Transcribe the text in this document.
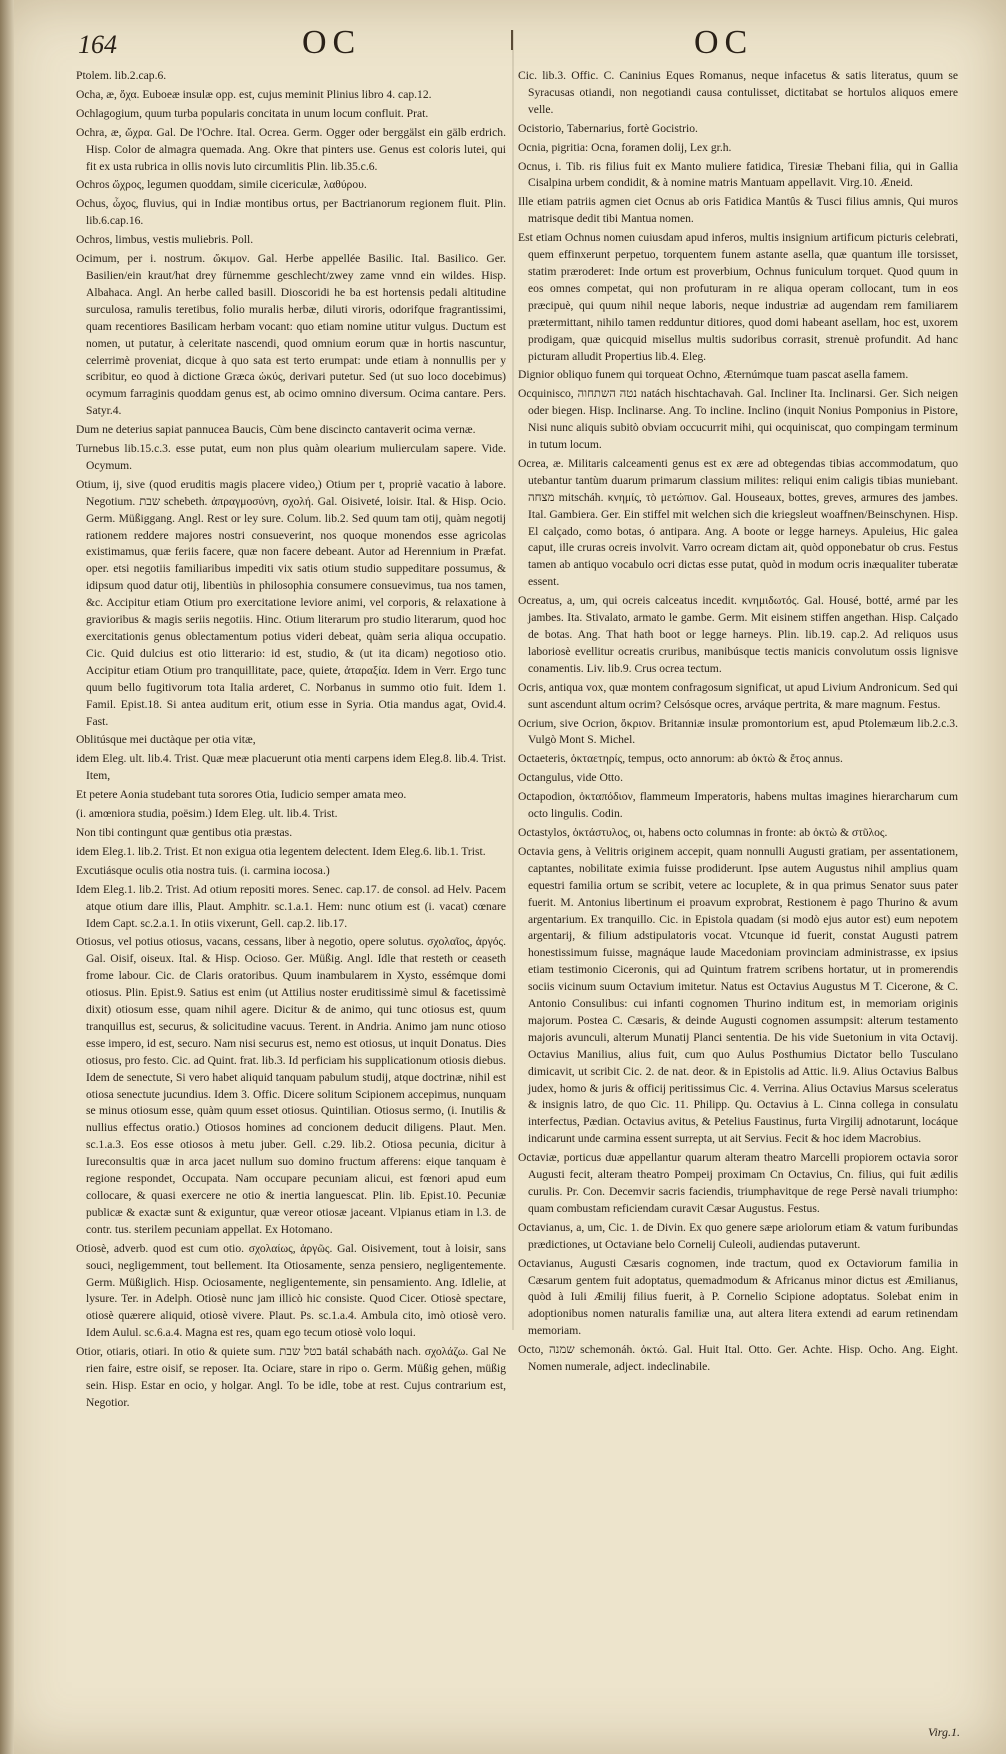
164	OC	OC

Ptolem. lib.2.cap.6.

Ocha, æ, ὄχα. Euboeæ insulæ opp. est, cujus meminit Plinius libro 4. cap.12.

Ochlagogium, quum turba popularis concitata in unum locum confluit. Prat.

Ochra, æ, ὤχρα. Gal. De l'Ochre. Ital. Ocrea. Germ. Ogger oder berggälst ein gälb erdrich. Hisp. Color de almagra quemada. Ang. Okre that pinters use. Genus est coloris lutei, qui fit ex usta rubrica in ollis novis luto circumlitis Plin. lib.35.c.6.

Ochros ὤχρος, legumen quoddam, simile cicericulæ, λαθύρου.

Ochus, ὦχος, fluvius, qui in Indiæ montibus ortus, per Bactrianorum regionem fluit. Plin. lib.6.cap.16.

Ochros, limbus, vestis muliebris. Poll.

Ocimum, per i. nostrum. ὤκιμον. Gal. Herbe appellée Basilic. Ital. Basilico. Ger. Basilien/ein kraut/hat drey fürnemme geschlecht/zwey zame vnnd ein wildes. Hisp. Albahaca. Angl. An herbe called basill. Dioscoridi he ba est hortensis pedali altitudine surculosa, ramulis teretibus, folio muralis herbæ, diluti viroris, odorifque fragrantissimi, quam recentiores Basilicam herbam vocant: quo etiam nomine utitur vulgus. Ductum est nomen, ut putatur, à celeritate nascendi, quod omnium eorum quæ in hortis nascuntur, celerrimè proveniat, dicque à quo sata est terto erumpat: unde etiam à nonnullis per y scribitur, eo quod à dictione Græca ὠκύς, derivari putetur. Sed (ut suo loco docebimus) ocymum farraginis quoddam genus est, ab ocimo omnino diversum. Ocima cantare. Pers. Satyr.4.

Dum ne deterius sapiat pannucea Baucis, Cùm bene discincto cantaverit ocima vernæ.

Turnebus lib.15.c.3. esse putat, eum non plus quàm olearium mulierculam sapere. Vide. Ocymum.

Otium, ij, sive (quod eruditis magis placere video,) Otium per t, propriè vacatio à labore. Negotium. שבת schebeth. ἀπραγμοσύνη, σχολή. Gal. Oisiveté, loisir. Ital. & Hisp. Ocio. Germ. Müßiggang. Angl. Rest or ley sure. Colum. lib.2. Sed quum tam otij, quàm negotij rationem reddere majores nostri consueverint, nos quoque monendos esse agricolas existimamus, quæ feriis facere, quæ non facere debeant. Autor ad Herennium in Præfat. oper. etsi negotiis familiaribus impediti vix satis otium studio suppeditare possumus, & idipsum quod datur otij, libentiùs in philosophia consumere consuevimus, tua nos tamen, &c. Accipitur etiam Otium pro exercitatione leviore animi, vel corporis, & relaxatione à gravioribus & magis seriis negotiis. Hinc. Otium literarum pro studio literarum, quod hoc exercitationis genus oblectamentum potius videri debeat, quàm seria aliqua occupatio. Cic. Quid dulcius est otio litterario: id est, studio, & (ut ita dicam) negotioso otio. Accipitur etiam Otium pro tranquillitate, pace, quiete, ἀταραξία. Idem in Verr. Ergo tunc quum bello fugitivorum tota Italia arderet, C. Norbanus in summo otio fuit. Idem 1. Famil. Epist.18. Si antea auditum erit, otium esse in Syria. Otia mandus agat, Ovid.4. Fast.

Oblitúsque mei ductàque per otia vitæ,

idem Eleg. ult. lib.4. Trist. Quæ meæ placuerunt otia menti carpens idem Eleg.8. lib.4. Trist. Item,

Et petere Aonia studebant tuta sorores Otia, Iudicio semper amata meo.

(i. amœniora studia, poësim.) Idem Eleg. ult. lib.4. Trist.

Non tibi contingunt quæ gentibus otia præstas.

idem Eleg.1. lib.2. Trist. Et non exigua otia legentem delectent. Idem Eleg.6. lib.1. Trist.

Excutiásque oculis otia nostra tuis. (i. carmina iocosa.)

Idem Eleg.1. lib.2. Trist. Ad otium repositi mores. Senec. cap.17. de consol. ad Helv. Pacem atque otium dare illis, Plaut. Amphitr. sc.1.a.1. Hem: nunc otium est (i. vacat) cœnare Idem Capt. sc.2.a.1. In otiis vixerunt, Gell. cap.2. lib.17.

Otiosus, vel potius otiosus, vacans, cessans, liber à negotio, opere solutus. σχολαῖος, ἀργός. Gal. Oisif, oiseux. Ital. & Hisp. Ocioso. Ger. Müßig. Angl. Idle that resteth or ceaseth frome labour. Cic. de Claris oratoribus. Quum inambularem in Xysto, essémque domi otiosus. Plin. Epist.9. Satius est enim (ut Attilius noster eruditissimè simul & facetissimè dixit) otiosum esse, quam nihil agere. Dicitur & de animo, qui tunc otiosus est, quum tranquillus est, securus, & solicitudine vacuus. Terent. in Andria. Animo jam nunc otioso esse impero, id est, securo. Nam nisi securus est, nemo est otiosus, ut inquit Donatus. Dies otiosus, pro festo. Cic. ad Quint. frat. lib.3. Id perficiam his supplicationum otiosis diebus. Idem de senectute, Si vero habet aliquid tanquam pabulum studij, atque doctrinæ, nihil est otiosa senectute jucundius. Idem 3. Offic. Dicere solitum Scipionem accepimus, nunquam se minus otiosum esse, quàm quum esset otiosus. Quintilian. Otiosus sermo, (i. Inutilis & nullius effectus oratio.) Otiosos homines ad concionem deducit diligens. Plaut. Men. sc.1.a.3. Eos esse otiosos à metu juber. Gell. c.29. lib.2. Otiosa pecunia, dicitur à Iureconsultis quæ in arca jacet nullum suo domino fructum afferens: eique tanquam è regione respondet, Occupata. Nam occupare pecuniam alicui, est fœnori apud eum collocare, & quasi exercere ne otio & inertia languescat. Plin. lib. Epist.10. Pecuniæ publicæ & exactæ sunt & exiguntur, quæ vereor otiosæ jaceant. Vlpianus etiam in l.3. de contr. tus. sterilem pecuniam appellat. Ex Hotomano.

Otiosè, adverb. quod est cum otio. σχολαίως, ἀργῶς. Gal. Oisivement, tout à loisir, sans souci, negligemment, tout bellement. Ita Otiosamente, senza pensiero, negligentemente. Germ. Müßiglich. Hisp. Ociosamente, negligentemente, sin pensamiento. Ang. Idlelie, at lysure. Ter. in Adelph. Otiosè nunc jam illicò hic consiste. Quod Cicer. Otiosè spectare, otiosè quærere aliquid, otiosè vivere. Plaut. Ps. sc.1.a.4. Ambula cito, imò otiosè vero. Idem Aulul. sc.6.a.4. Magna est res, quam ego tecum otiosè volo loqui.

Otior, otiaris, otiari. In otio & quiete sum. בטל שבת batál schabáth nach. σχολάζω. Gal Ne rien faire, estre oisif, se reposer. Ita. Ociare, stare in ripo o. Germ. Müßig gehen, müßig sein. Hisp. Estar en ocio, y holgar. Angl. To be idle, tobe at rest. Cujus contrarium est, Negotior.

Cic. lib.3. Offic. C. Caninius Eques Romanus, neque infacetus & satis literatus, quum se Syracusas otiandi, non negotiandi causa contulisset, dictitabat se hortulos aliquos emere velle.

Ocistorio, Tabernarius, fortè Gocistrio.

Ocnia, pigritia: Ocna, foramen dolij, Lex gr.h.

Ocnus, i. Tib. ris filius fuit ex Manto muliere fatidica, Tiresiæ Thebani filia, qui in Gallia Cisalpina urbem condidit, & à nomine matris Mantuam appellavit. Virg.10. Æneid.

Ille etiam patriis agmen ciet Ocnus ab oris Fatidica Mantûs & Tusci filius amnis, Qui muros matrisque dedit tibi Mantua nomen.

Est etiam Ochnus nomen cuiusdam apud inferos, multis insignium artificum picturis celebrati, quem effinxerunt perpetuo, torquentem funem astante asella, quæ quantum ille torsisset, statim præroderet: Inde ortum est proverbium, Ochnus funiculum torquet. Quod quum in eos omnes competat, qui non profuturam in re aliqua operam collocant, tum in eos præcipuè, qui quum nihil neque laboris, neque industriæ ad augendam rem familiarem prætermittant, nihilo tamen redduntur ditiores, quod domi habeant asellam, hoc est, uxorem prodigam, quæ quicquid misellus multis sudoribus corrasit, strenuè profundit. Ad hanc picturam alludit Propertius lib.4. Eleg.

Dignior obliquo funem qui torqueat Ochno, Æternúmque tuam pascat asella famem.

Ocquinisco, נטה השתחוה natách hischtachavah. Gal. Incliner Ita. Inclinarsi. Ger. Sich neigen oder biegen. Hisp. Inclinarse. Ang. To incline. Inclino (inquit Nonius Pomponius in Pistore, Nisi nunc aliquis subitò obviam occucurrit mihi, qui ocquiniscat, quo compingam terminum in tutum locum.

Ocrea, æ. Militaris calceamenti genus est ex ære ad obtegendas tibias accommodatum, quo utebantur tantùm duarum primarum classium milites: reliqui enim caligis tibias muniebant. מצחה mitscháh. κνημίς, τὸ μετώπιον. Gal. Houseaux, bottes, greves, armures des jambes. Ital. Gambiera. Ger. Ein stiffel mit welchen sich die kriegsleut woaffnen/Beinschynen. Hisp. El calçado, como botas, ó antipara. Ang. A boote or legge harneys. Apuleius, Hic galea caput, ille cruras ocreis involvit. Varro ocream dictam ait, quòd opponebatur ob crus. Festus tamen ab antiquo vocabulo ocri dictas esse putat, quòd in modum ocris inæqualiter tuberatæ essent.

Ocreatus, a, um, qui ocreis calceatus incedit. κνημιδωτός. Gal. Housé, botté, armé par les jambes. Ita. Stivalato, armato le gambe. Germ. Mit eisinem stiffen angethan. Hisp. Calçado de botas. Ang. That hath boot or legge harneys. Plin. lib.19. cap.2. Ad reliquos usus laboriosè evellitur ocreatis cruribus, manibúsque tectis manicis convolutum ossis lignisve conamentis. Liv. lib.9. Crus ocrea tectum.

Ocris, antiqua vox, quæ montem confragosum significat, ut apud Livium Andronicum. Sed qui sunt ascendunt altum ocrim? Celsósque ocres, arváque pertrita, & mare magnum. Festus.

Ocrium, sive Ocrion, ὄκριον. Britanniæ insulæ promontorium est, apud Ptolemæum lib.2.c.3. Vulgò Mont S. Michel.

Octaeteris, ὀκταετηρίς, tempus, octo annorum: ab ὀκτὼ & ἔτος annus.

Octangulus, vide Otto.

Octapodion, ὀκταπόδιον, flammeum Imperatoris, habens multas imagines hierarcharum cum octo lingulis. Codin.

Octastylos, ὀκτάστυλος, οι, habens octo columnas in fronte: ab ὀκτὼ & στῦλος.

Octavia gens, à Velitris originem accepit, quam nonnulli Augusti gratiam, per assentationem, captantes, nobilitate eximia fuisse prodiderunt. Ipse autem Augustus nihil amplius quam equestri familia ortum se scribit, vetere ac locuplete, & in qua primus Senator suus pater fuerit. M. Antonius libertinum ei proavum exprobrat, Restionem è pago Thurino & avum argentarium. Ex tranquillo. Cic. in Epistola quadam (si modò ejus autor est) eum nepotem argentarij, & filium adstipulatoris vocat. Vtcunque id fuerit, constat Augusti patrem honestissimum fuisse, magnáque laude Macedoniam provinciam administrasse, ex ipsius etiam testimonio Ciceronis, qui ad Quintum fratrem scribens hortatur, ut in promerendis sociis vicinum suum Octavium imitetur. Natus est Octavius Augustus M T. Cicerone, & C. Antonio Consulibus: cui infanti cognomen Thurino inditum est, in memoriam originis majorum. Postea C. Cæsaris, & deinde Augusti cognomen assumpsit: alterum testamento majoris avunculi, alterum Munatij Planci sententia. De his vide Suetonium in vita Octavij. Octavius Manilius, alius fuit, cum quo Aulus Posthumius Dictator bello Tusculano dimicavit, ut scribit Cic. 2. de nat. deor. & in Epistolis ad Attic. li.9. Alius Octavius Balbus judex, homo & juris & officij peritissimus Cic. 4. Verrina. Alius Octavius Marsus sceleratus & insignis latro, de quo Cic. 11. Philipp. Qu. Octavius à L. Cinna collega in consulatu interfectus, Pædian. Octavius avitus, & Petelius Faustinus, furta Virgilij adnotarunt, locáque indicarunt unde carmina essent surrepta, ut ait Servius. Fecit & hoc idem Macrobius.

Octaviæ, porticus duæ appellantur quarum alteram theatro Marcelli propiorem octavia soror Augusti fecit, alteram theatro Pompeij proximam Cn Octavius, Cn. filius, qui fuit ædilis curulis. Pr. Con. Decemvir sacris faciendis, triumphavitque de rege Persè navali triumpho: quam combustam reficiendam curavit Cæsar Augustus. Festus.

Octavianus, a, um, Cic. 1. de Divin. Ex quo genere sæpe ariolorum etiam & vatum furibundas prædictiones, ut Octaviane belo Cornelij Culeoli, audiendas putaverunt.

Octavianus, Augusti Cæsaris cognomen, inde tractum, quod ex Octaviorum familia in Cæsarum gentem fuit adoptatus, quemadmodum & Africanus minor dictus est Æmilianus, quòd à Iuli Æmilij filius fuerit, à P. Cornelio Scipione adoptatus. Solebat enim in adoptionibus nomen naturalis familiæ una, aut altera litera extendi ad earum retinendam memoriam.

Octo, שמנה schemonáh. ὀκτώ. Gal. Huit Ital. Otto. Ger. Achte. Hisp. Ocho. Ang. Eight. Nomen numerale, adject. indeclinabile.

Virg.1.
